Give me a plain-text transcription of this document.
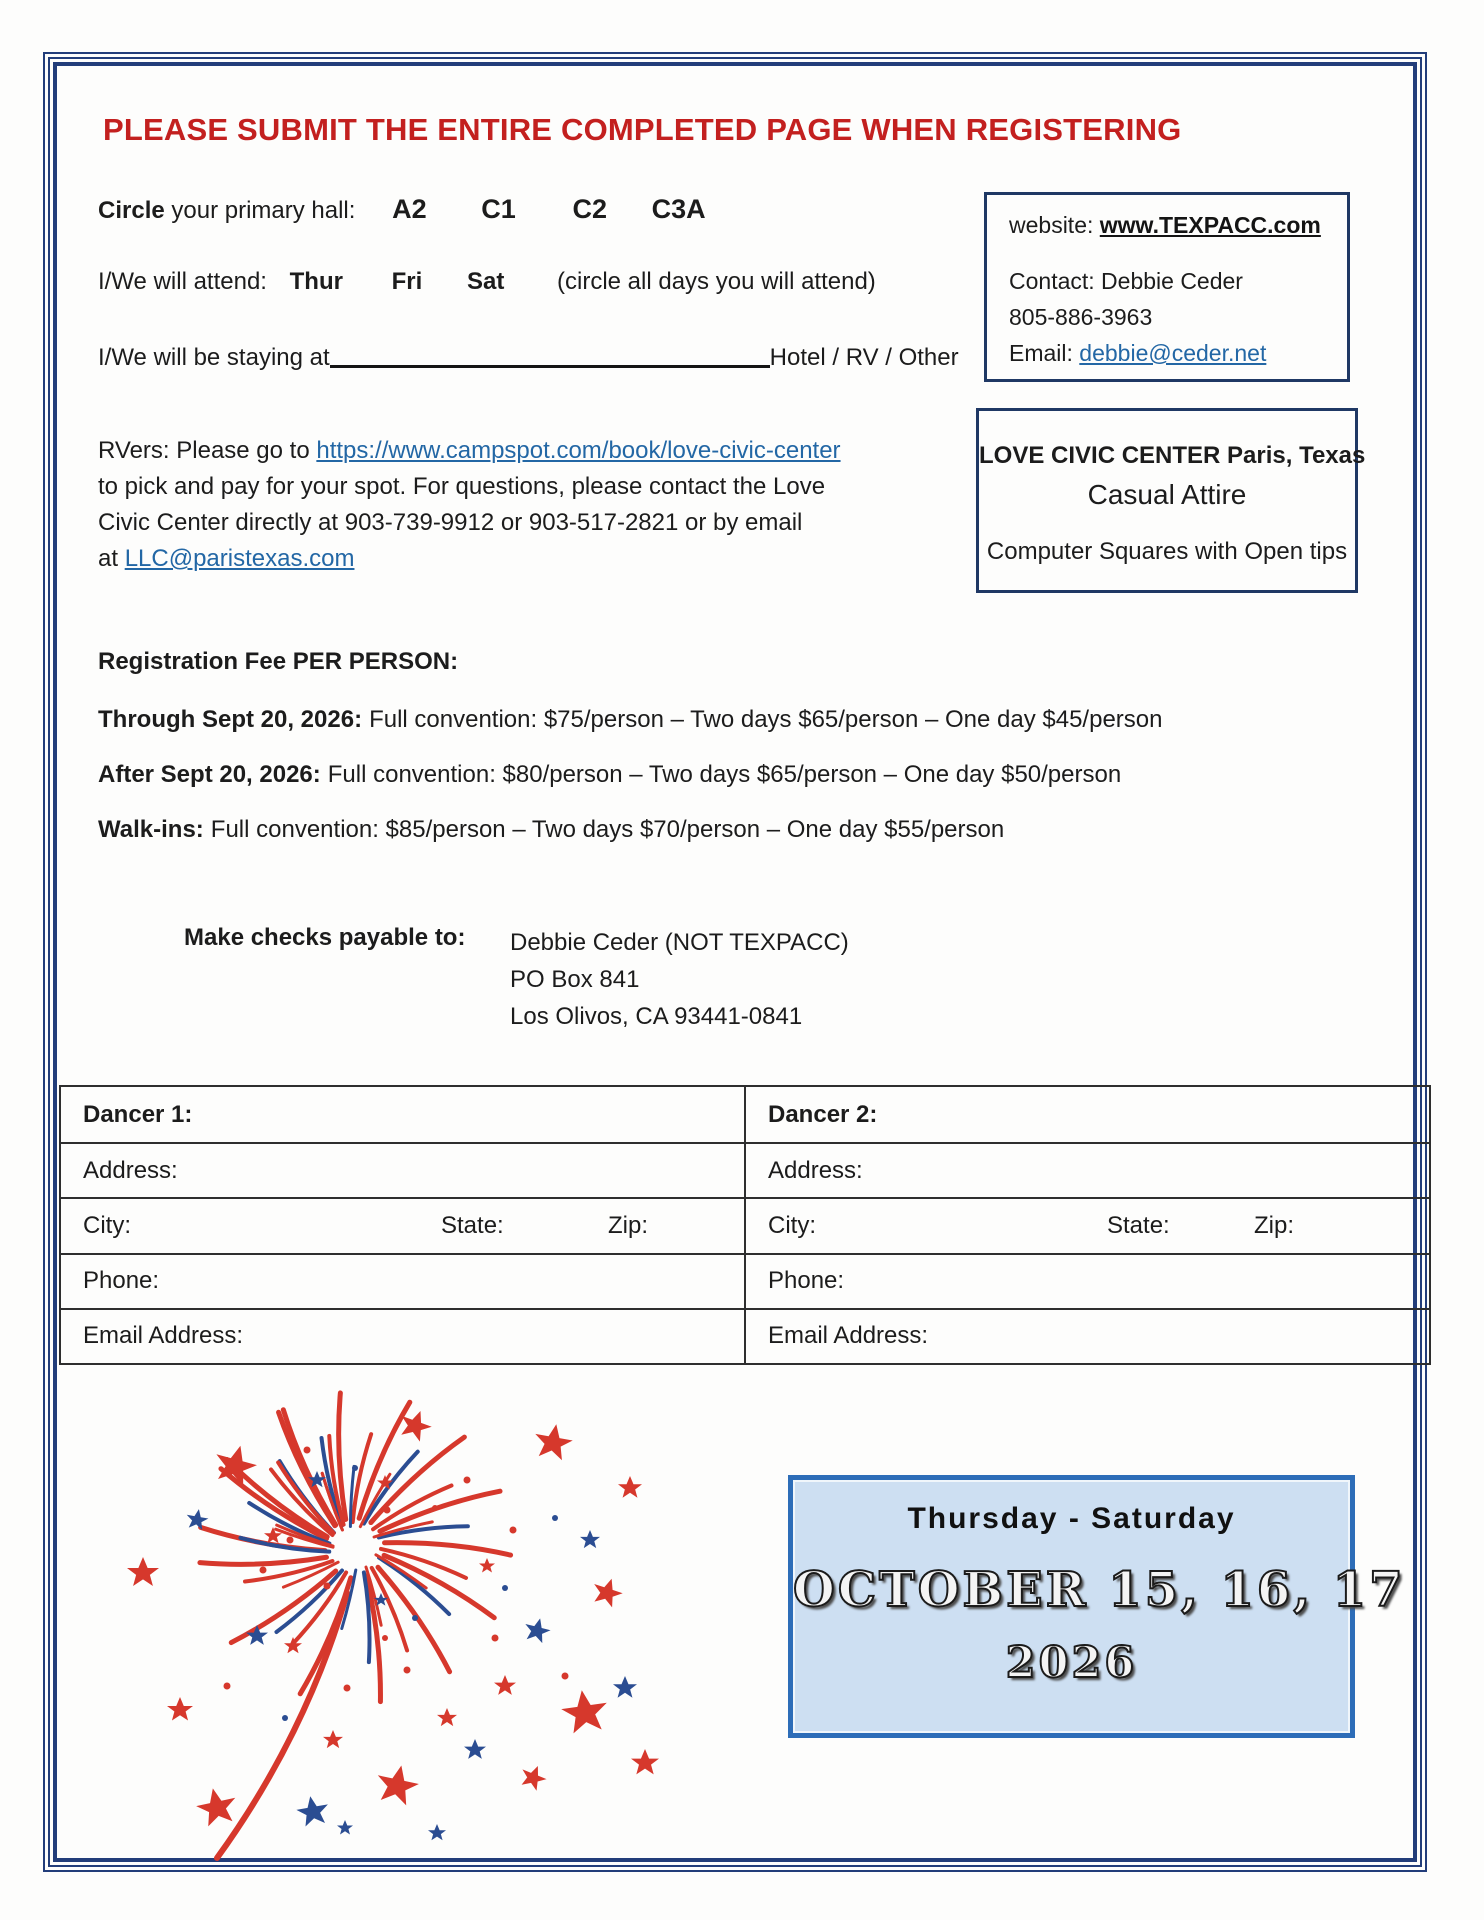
PLEASE SUBMIT THE ENTIRE COMPLETED PAGE WHEN REGISTERING
Circle your primary hall: A2 C1 C2 C3A
I/We will attend: Thur Fri Sat (circle all days you will attend)
I/We will be staying at	Hotel / RV / Other
website: www.TEXPACC.com
Contact: Debbie Ceder
805-886-3963
Email: debbie@ceder.net
LOVE CIVIC CENTER Paris, Texas
Casual Attire
Computer Squares with Open tips
RVers: Please go to https://www.campspot.com/book/love-civic-center
to pick and pay for your spot. For questions, please contact the Love
Civic Center directly at 903-739-9912 or 903-517-2821 or by email
at LLC@paristexas.com
Registration Fee PER PERSON:
Through Sept 20, 2026: Full convention: $75/person – Two days $65/person – One day $45/person
After Sept 20, 2026: Full convention: $80/person – Two days $65/person – One day $50/person
Walk-ins: Full convention: $85/person – Two days $70/person – One day $55/person
Make checks payable to: Debbie Ceder (NOT TEXPACC)
PO Box 841
Los Olivos, CA 93441-0841
Dancer 1:
Address:
City:	State:	Zip:
Phone:
Email Address:
Dancer 2:
Address:
City:	State:	Zip:
Phone:
Email Address:
Thursday - Saturday
OCTOBER 15, 16, 17
2026
